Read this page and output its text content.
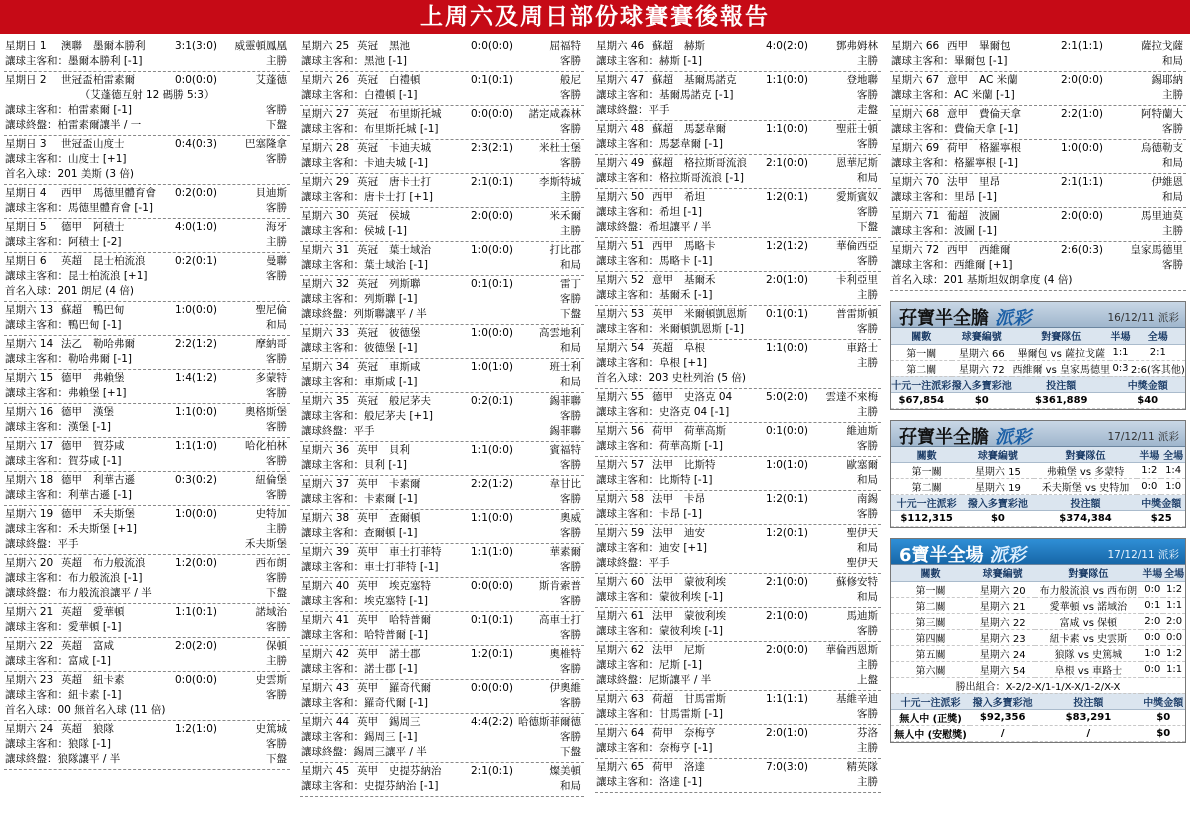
上周六及周日部份球賽賽後報告
星期日 1 澳聯 墨爾本勝利	3:1(3:0) 威靈頓鳳凰
讓球主客和：墨爾本勝利 [-1]	主勝
星期日 2 世冠盃 柏雷素爾	0:0(0:0)	艾蓬德
（艾蓬德互射 12 碼勝 5:3）
讓球主客和：柏雷素爾 [-1]	客勝
讓球終盤：柏雷素爾讓半 / 一	下盤
星期日 3 世冠盃 山度士	0:4(0:3)	巴塞隆拿
讓球主客和：山度士 [+1]	客勝
首名入球：201 美斯 (3 倍)
星期日 4 西甲 馬德里體育會 0:2(0:0)	貝迪斯
讓球主客和：馬德里體育會 [-1]	客勝
星期日 5 德甲 阿積士	4:0(1:0)	海牙
讓球主客和：阿積士 [-2]	主勝
星期日 6 英超 昆士柏流浪	0:2(0:1)	曼聯
讓球主客和：昆士柏流浪 [+1]	客勝
首名入球：201 朗尼 (4 倍)
星期六 13 蘇超 鴨巴甸	1:0(0:0)	聖尼倫
讓球主客和：鴨巴甸 [-1]	和局
星期六 14 法乙 勒哈弗爾	2:2(1:2)	摩納哥
讓球主客和：勒哈弗爾 [-1]	客勝
星期六 15 德甲 弗賴堡	1:4(1:2)	多蒙特
讓球主客和：弗賴堡 [+1]	客勝
星期六 16 德甲 漢堡	1:1(0:0)	奧格斯堡
讓球主客和：漢堡 [-1]	客勝
星期六 17 德甲 賀芬咸	1:1(1:0)	哈化柏林
讓球主客和：賀芬咸 [-1]	客勝
星期六 18 德甲 利華古遜	0:3(0:2)	紐倫堡
讓球主客和：利華古遜 [-1]	客勝
星期六 19 德甲 禾夫斯堡	1:0(0:0)	史特加
讓球主客和：禾夫斯堡 [+1]	主勝
讓球終盤：平手	禾夫斯堡
星期六 20 英超 布力般流浪	1:2(0:0)	西布朗
讓球主客和：布力般流浪 [-1]	客勝
讓球終盤：布力般流浪讓平 / 半	下盤
星期六 21 英超 愛華頓	1:1(0:1)	諾域治
讓球主客和：愛華頓 [-1]	客勝
星期六 22 英超 富咸	2:0(2:0)	保頓
讓球主客和：富咸 [-1]	主勝
星期六 23 英超 紐卡素	0:0(0:0)	史雲斯
讓球主客和：紐卡素 [-1]	客勝
首名入球：00 無首名入球 (11 倍)
星期六 24 英超 狼隊	1:2(1:0)	史篤城
讓球主客和：狼隊 [-1]	客勝
讓球終盤：狼隊讓平 / 半	下盤
星期六 25 英冠 黑池	0:0(0:0)	屈福特
讓球主客和：黑池 [-1]	客勝
星期六 26 英冠 白禮頓	0:1(0:1)	般尼
讓球主客和：白禮頓 [-1]	客勝
星期六 27 英冠 布里斯托城	0:0(0:0) 諾定咸森林
讓球主客和：布里斯托城 [-1]	客勝
星期六 28 英冠 卡迪夫城	2:3(2:1) 米杜士堡
讓球主客和：卡迪夫城 [-1]	客勝
星期六 29 英冠 唐卡士打	2:1(0:1) 李斯特城
讓球主客和：唐卡士打 [+1]	主勝
星期六 30 英冠 侯城	2:0(0:0)	米禾爾
讓球主客和：侯城 [-1]	主勝
星期六 31 英冠 葉士域治	1:0(0:0)	打比郡
讓球主客和：葉士域治 [-1]	和局
星期六 32 英冠 列斯聯	0:1(0:1)	雷丁
讓球主客和：列斯聯 [-1]	客勝
讓球終盤：列斯聯讓平 / 半	下盤
星期六 33 英冠 彼德堡	1:0(0:0) 高雲地利
讓球主客和：彼德堡 [-1]	和局
星期六 34 英冠 車斯咸	1:0(1:0)	班士利
讓球主客和：車斯咸 [-1]	和局
星期六 35 英冠 般尼茅夫	0:2(0:1)	錫菲聯
讓球主客和：般尼茅夫 [+1]	客勝
讓球終盤：平手	錫菲聯
星期六 36 英甲 貝利	1:1(0:0)	賓福特
讓球主客和：貝利 [-1]	客勝
星期六 37 英甲 卡素爾	2:2(1:2)	韋甘比
讓球主客和：卡素爾 [-1]	客勝
星期六 38 英甲 查爾頓	1:1(0:0)	奧威
讓球主客和：查爾頓 [-1]	客勝
星期六 39 英甲 車士打菲特	1:1(1:0)	華素爾
讓球主客和：車士打菲特 [-1]	客勝
星期六 40 英甲 埃克塞特	0:0(0:0) 斯肯索普
讓球主客和：埃克塞特 [-1]	客勝
星期六 41 英甲 哈特普爾	0:1(0:1) 高車士打
讓球主客和：哈特普爾 [-1]	客勝
星期六 42 英甲 諾士郡	1:2(0:1)	奧椎特
讓球主客和：諾士郡 [-1]	客勝
星期六 43 英甲 羅奇代爾	0:0(0:0)	伊奧維
讓球主客和：羅奇代爾 [-1]	客勝
星期六 44 英甲 錫周三	4:4(2:2) 哈德斯菲爾德
讓球主客和：錫周三 [-1]	客勝
讓球終盤：錫周三讓平 / 半	下盤
星期六 45 英甲 史提芬納治	2:1(0:1)	燦美頓
讓球主客和：史提芬納治 [-1]	和局
星期六 46 蘇超 赫斯	4:0(2:0)	鄧弗姆林
讓球主客和：赫斯 [-1]	主勝
星期六 47 蘇超 基爾馬諾克	1:1(0:0)	登地聯
讓球主客和：基爾馬諾克 [-1]	客勝
讓球終盤：平手	走盤
星期六 48 蘇超 馬瑟韋爾	1:1(0:0)	聖莊士頓
讓球主客和：馬瑟韋爾 [-1]	客勝
星期六 49 蘇超 格拉斯哥流浪 2:1(0:0)	恩華尼斯
讓球主客和：格拉斯哥流浪 [-1]	和局
星期六 50 西甲 希坦	1:2(0:1)	愛斯賓奴
讓球主客和：希坦 [-1]	客勝
讓球終盤：希坦讓平 / 半	下盤
星期六 51 西甲 馬略卡	1:2(1:2)	華倫西亞
讓球主客和：馬略卡 [-1]	客勝
星期六 52 意甲 基爾禾	2:0(1:0)	卡利亞里
讓球主客和：基爾禾 [-1]	主勝
星期六 53 英甲 米爾頓凱恩斯 0:1(0:1)	普雷斯頓
讓球主客和：米爾頓凱恩斯 [-1]	客勝
星期六 54 英超 阜根	1:1(0:0)	車路士
讓球主客和：阜根 [+1]	主勝
首名入球：203 史杜列治 (5 倍)
星期六 55 德甲 史洛克 04	5:0(2:0) 雲達不來梅
讓球主客和：史洛克 04 [-1]	主勝
星期六 56 荷甲 荷華高斯	0:1(0:0)	維迪斯
讓球主客和：荷華高斯 [-1]	客勝
星期六 57 法甲 比斯特	1:0(1:0)	歐塞爾
讓球主客和：比斯特 [-1]	和局
星期六 58 法甲 卡昂	1:2(0:1)	南錫
讓球主客和：卡昂 [-1]	客勝
星期六 59 法甲 迪安	1:2(0:1)	聖伊天
讓球主客和：迪安 [+1]	和局
讓球終盤：平手	聖伊天
星期六 60 法甲 蒙彼利埃	2:1(0:0)	蘇修安特
讓球主客和：蒙彼利埃 [-1]	和局
星期六 61 法甲 蒙彼利埃	2:1(0:0)	馬迪斯
讓球主客和：蒙彼利埃 [-1]	客勝
星期六 62 法甲 尼斯	2:0(0:0) 華倫西恩斯
讓球主客和：尼斯 [-1]	主勝
讓球終盤：尼斯讓平 / 半	上盤
星期六 63 荷超 甘馬雷斯	1:1(1:1)	基維辛迪
讓球主客和：甘馬雷斯 [-1]	客勝
星期六 64 荷甲 奈梅亨	2:0(1:0)	芬洛
讓球主客和：奈梅亨 [-1]	主勝
星期六 65 荷甲 洛達	7:0(3:0)	精英隊
讓球主客和：洛達 [-1]	主勝
星期六 66 西甲 畢爾包	2:1(1:1)	薩拉戈薩
讓球主客和：畢爾包 [-1]	和局
星期六 67 意甲 AC 米蘭	2:0(0:0)	錫耶納
讓球主客和：AC 米蘭 [-1]	主勝
星期六 68 意甲 費倫天拿	2:2(1:0)	阿特蘭大
讓球主客和：費倫天拿 [-1]	客勝
星期六 69 荷甲 格羅寧根	1:0(0:0)	烏德勒支
讓球主客和：格羅寧根 [-1]	和局
星期六 70 法甲 里昂	2:1(1:1)	伊維恩
讓球主客和：里昂 [-1]	和局
星期六 71 葡超 波圖	2:0(0:0)	馬里迪莫
讓球主客和：波圖 [-1]	主勝
星期六 72 西甲 西維爾	2:6(0:3)	皇家馬德里
讓球主客和：西維爾 [+1]	客勝
首名入球：201 基斯坦奴朗拿度 (4 倍)
孖寶半全膽 派彩	16/12/11 派彩
關數	球賽編號	對賽隊伍	半場	全場
第一關	星期六 66	畢爾包 vs 薩拉戈薩	1:1	2:1
第二關	星期六 72	西維爾 vs 皇家馬德里	0:3	2:6(客其他)
十元一注派彩	撥入多寶彩池	投注額	中獎金額	
$67,854	$0	$361,889	$40	
孖寶半全膽 派彩	17/12/11 派彩
關數	球賽編號	對賽隊伍	半場	全場
第一關	星期六 15	弗賴堡 vs 多蒙特	1:2	1:4
第二關	星期六 19	禾夫斯堡 vs 史特加	0:0	1:0
十元一注派彩	撥入多寶彩池	投注額	中獎金額	
$112,315	$0	$374,384	$25	
6寶半全場 派彩	17/12/11 派彩
關數	球賽編號	對賽隊伍	半場	全場
第一關	星期六 20	布力般流浪 vs 西布朗	0:0	1:2
第二關	星期六 21	愛華頓 vs 諾域治	0:1	1:1
第三關	星期六 22	富咸 vs 保頓	2:0	2:0
第四關	星期六 23	紐卡素 vs 史雲斯	0:0	0:0
第五關	星期六 24	狼隊 vs 史篤城	1:0	1:2
第六關	星期六 54	阜根 vs 車路士	0:0	1:1
勝出組合：X-2/2-X/1-1/X-X/1-2/X-X				
十元一注派彩	撥入多寶彩池	投注額	中獎金額	
無人中 (正獎)	$92,356	$83,291	$0	
無人中 (安慰獎)	/	/	$0	
